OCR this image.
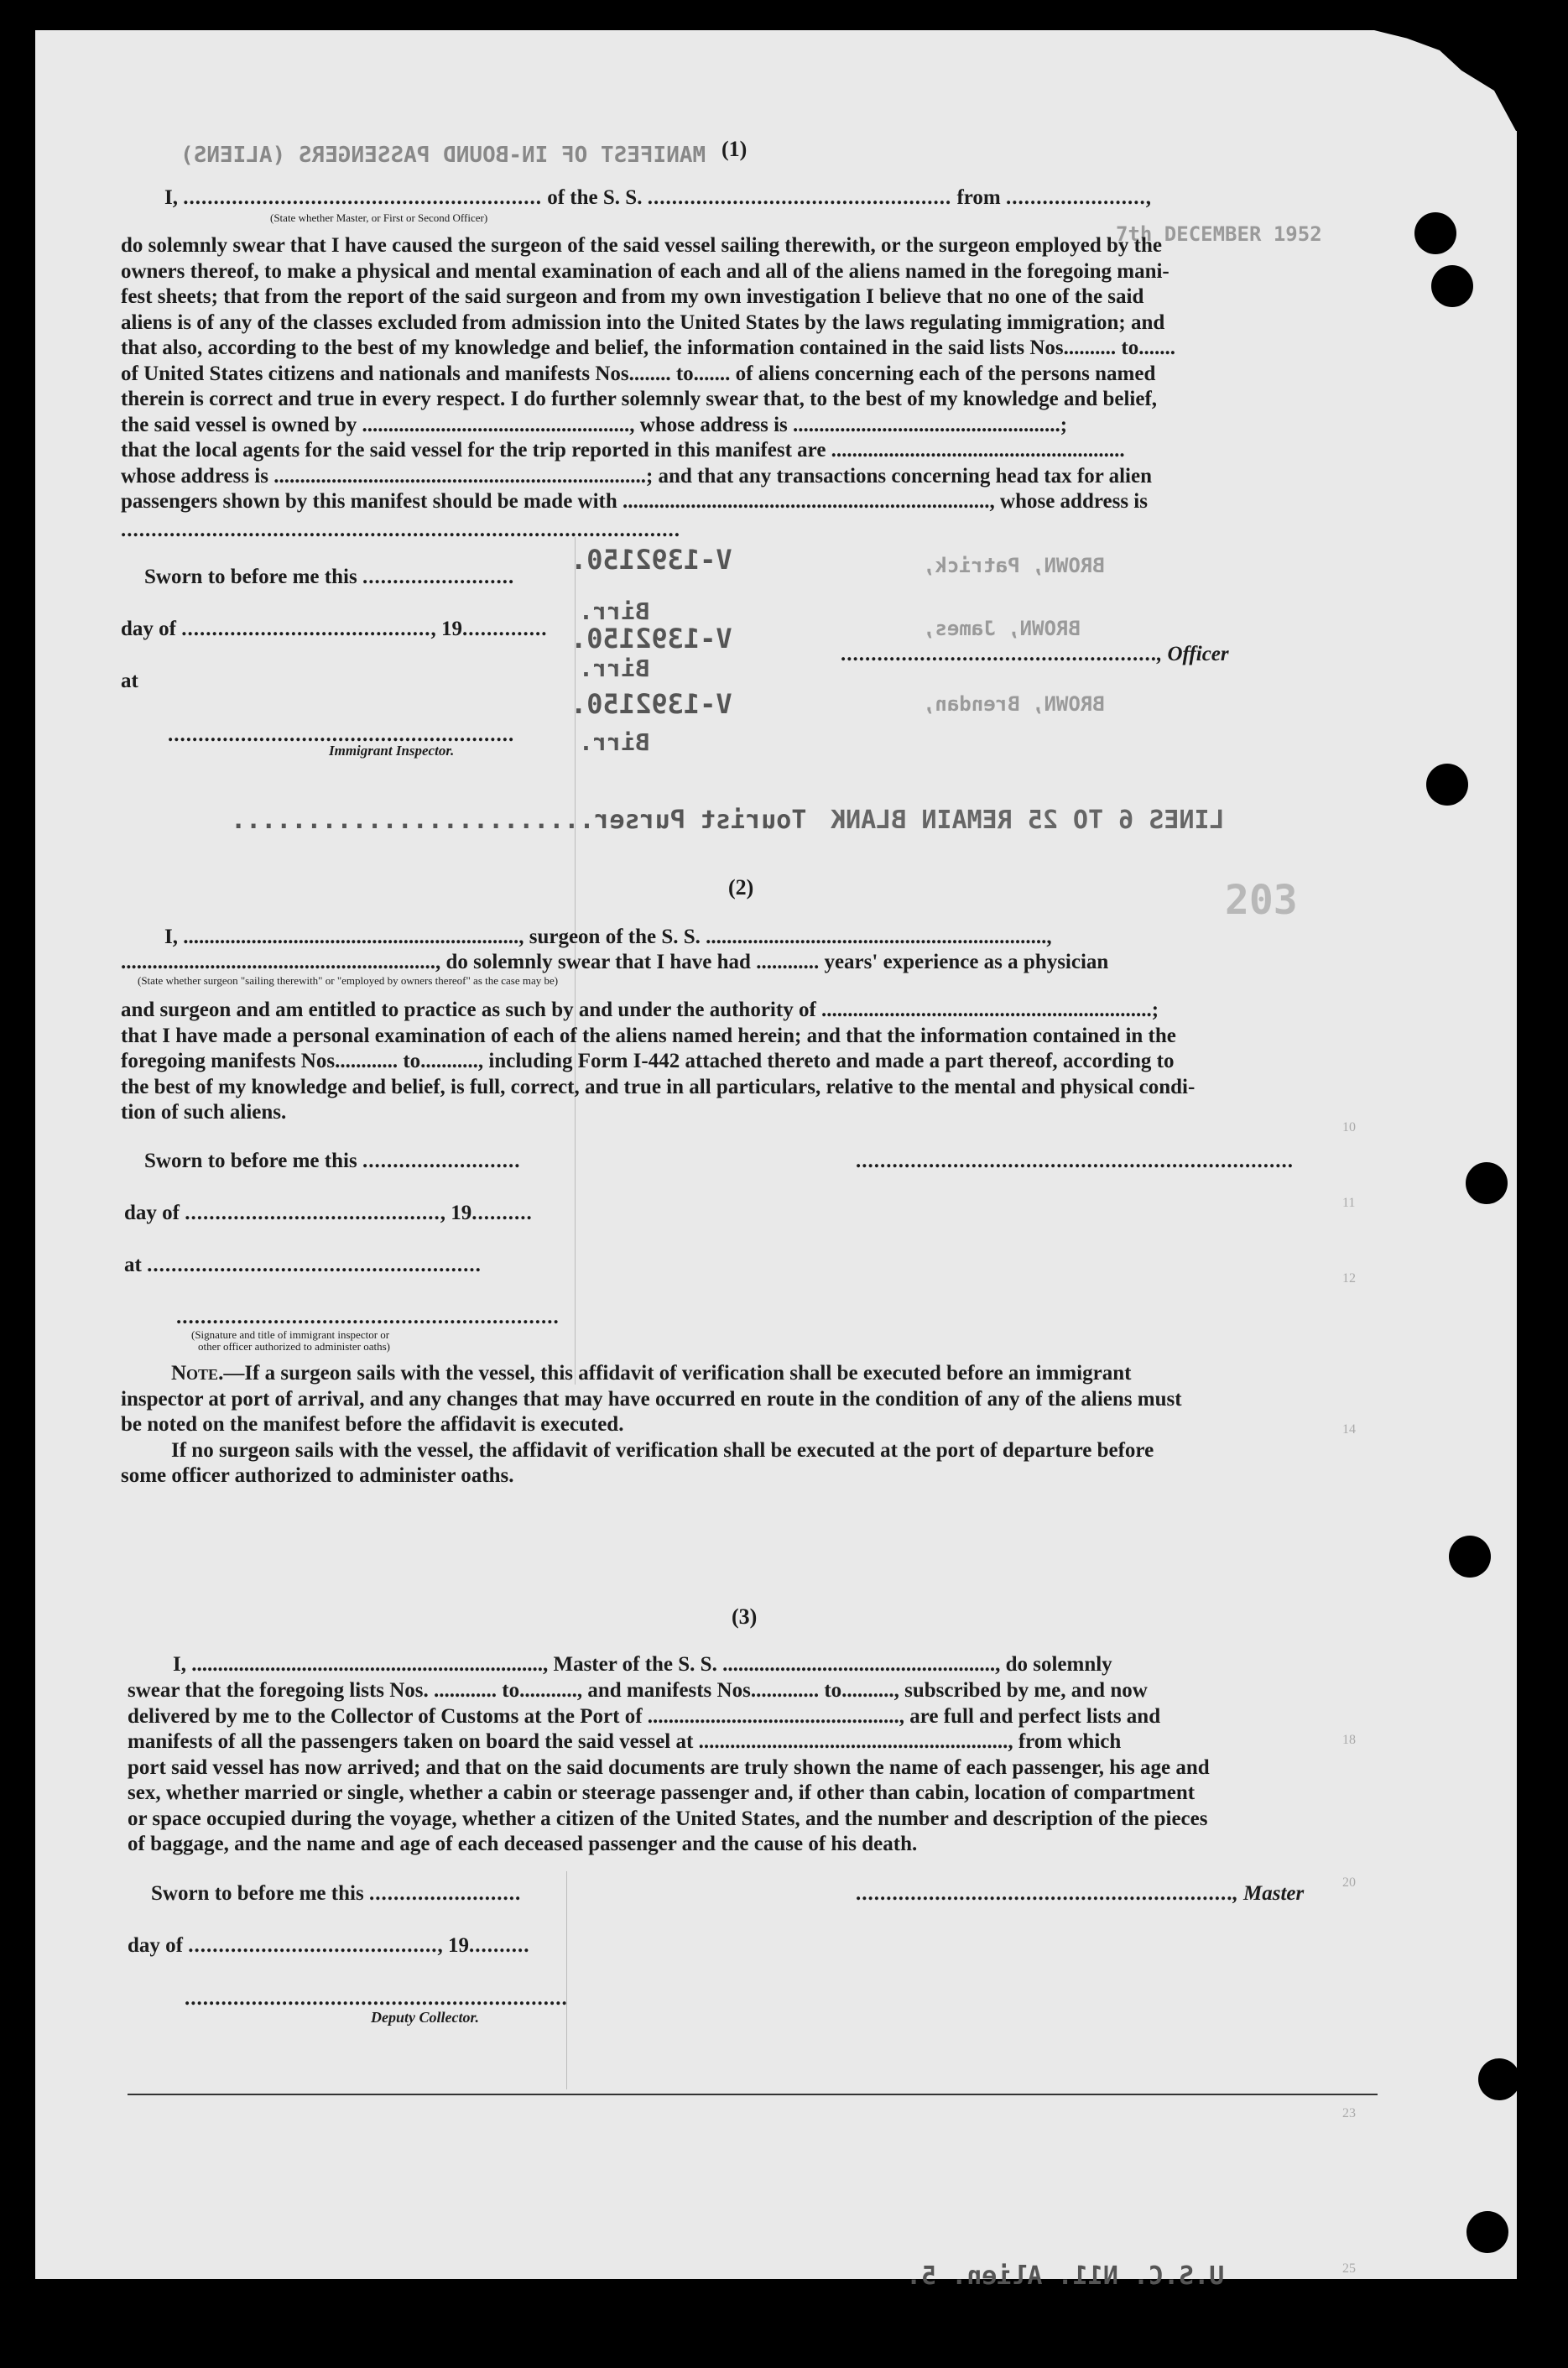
MANIFEST OF IN-BOUND PASSENGERS (ALIENS)
7th DECEMBER 1952
203
10
11
12
14
18
20
23
25
(1)
I, ........................................................... of the S. S. .................................................. from .......................,
(State whether Master, or First or Second Officer)
do solemnly swear that I have caused the surgeon of the said vessel sailing therewith, or the surgeon employed by the
owners thereof, to make a physical and mental examination of each and all of the aliens named in the foregoing mani-
fest sheets; that from the report of the said surgeon and from my own investigation I believe that no one of the said
aliens is of any of the classes excluded from admission into the United States by the laws regulating immigration; and
that also, according to the best of my knowledge and belief, the information contained in the said lists Nos.......... to.......
of United States citizens and nationals and manifests Nos........ to....... of aliens concerning each of the persons named
therein is correct and true in every respect. I do further solemnly swear that, to the best of my knowledge and belief,
the said vessel is owned by ..................................................., whose address is ...................................................;
that the local agents for the said vessel for the trip reported in this manifest are ........................................................
whose address is .......................................................................; and that any transactions concerning head tax for alien
passengers shown by this manifest should be made with ......................................................................, whose address is
............................................................................................
Sworn to before me this .........................
day of ........................................., 19..............
at
...................................................., Officer
.........................................................
Immigrant Inspector.
V-1392150.
Birr.
V-1392150.
Birr.
V-1392150.
Birr.
BROWN, Patrick,
BROWN, James,
BROWN, Brendan,
LINES 6 TO 25 REMAIN BLANK
Tourist Purser........................
(2)
I, ................................................................, surgeon of the S. S. .................................................................,
............................................................, do solemnly swear that I have had ............ years' experience as a physician
(State whether surgeon "sailing therewith" or "employed by owners thereof" as the case may be)
and surgeon and am entitled to practice as such by and under the authority of ...............................................................;
that I have made a personal examination of each of the aliens named herein; and that the information contained in the
foregoing manifests Nos............ to..........., including Form I-442 attached thereto and made a part thereof, according to
the best of my knowledge and belief, is full, correct, and true in all particulars, relative to the mental and physical condi-
tion of such aliens.
Sworn to before me this ..........................	........................................................................
day of .........................................., 19..........
at .......................................................
...............................................................
(Signature and title of immigrant inspector or
other officer authorized to administer oaths)
Note.—If a surgeon sails with the vessel, this affidavit of verification shall be executed before an immigrant
inspector at port of arrival, and any changes that may have occurred en route in the condition of any of the aliens must
be noted on the manifest before the affidavit is executed.
If no surgeon sails with the vessel, the affidavit of verification shall be executed at the port of departure before
some officer authorized to administer oaths.
(3)
I, ..................................................................., Master of the S. S. ...................................................., do solemnly
swear that the foregoing lists Nos. ............ to..........., and manifests Nos............. to.........., subscribed by me, and now
delivered by me to the Collector of Customs at the Port of ................................................, are full and perfect lists and
manifests of all the passengers taken on board the said vessel at ..........................................................., from which
port said vessel has now arrived; and that on the said documents are truly shown the name of each passenger, his age and
sex, whether married or single, whether a cabin or steerage passenger and, if other than cabin, location of compartment
or space occupied during the voyage, whether a citizen of the United States, and the number and description of the pieces
of baggage, and the name and age of each deceased passenger and the cause of his death.
Sworn to before me this .........................	.............................................................., Master
day of ........................................., 19..........
...............................................................
Deputy Collector.
U.S.C. N11. Alien. 5.
